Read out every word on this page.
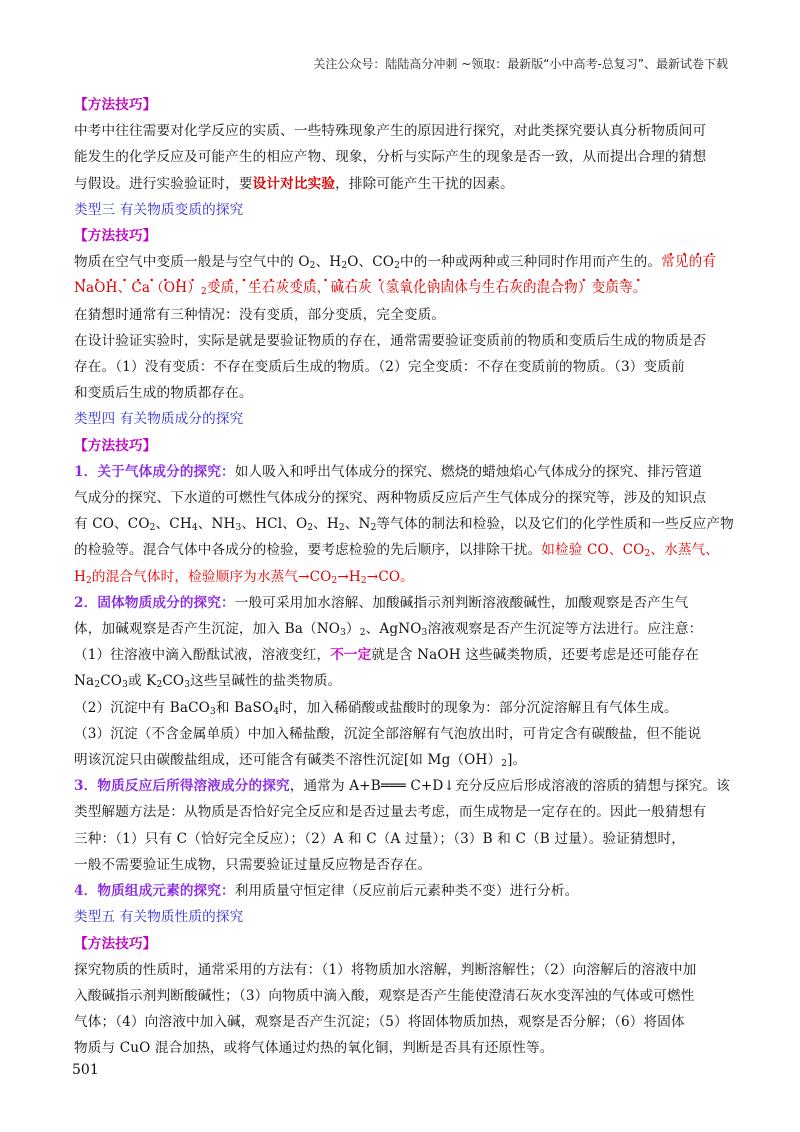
关注公众号：陆陆高分冲刺 ~领取：最新版“小中高考-总复习”、最新试卷下载
【方法技巧】
中考中往往需要对化学反应的实质、一些特殊现象产生的原因进行探究，对此类探究要认真分析物质间可
能发生的化学反应及可能产生的相应产物、现象，分析与实际产生的现象是否一致，从而提出合理的猜想
与假设。进行实验验证时，要设计对比实验，排除可能产生干扰的因素。
类型三 有关物质变质的探究
【方法技巧】
物质在空气中变质一般是与空气中的 $O_2$、$H_2O$、$CO_2$中的一种或两种或三种同时作用而产生的。常见的有
NaOH、$Ca(OH)_2$变质，生石灰变质，碱石灰（氢氧化钠固体与生石灰的混合物）变质等。
在猜想时通常有三种情况：没有变质，部分变质，完全变质。
在设计验证实验时，实际是就是要验证物质的存在，通常需要验证变质前的物质和变质后生成的物质是否
存在。（1）没有变质：不存在变质后生成的物质。（2）完全变质：不存在变质前的物质。（3）变质前
和变质后生成的物质都存在。
类型四 有关物质成分的探究
【方法技巧】
1．关于气体成分的探究：如人吸入和呼出气体成分的探究、燃烧的蜡烛焰心气体成分的探究、排污管道
气成分的探究、下水道的可燃性气体成分的探究、两种物质反应后产生气体成分的探究等，涉及的知识点
有 CO、$CO_2$、$CH_4$、$NH_3$、HCl、$O_2$、$H_2$、$N_2$等气体的制法和检验，以及它们的化学性质和一些反应产物
的检验等。混合气体中各成分的检验，要考虑检验的先后顺序，以排除干扰。如检验 CO、$CO_2$、水蒸气、
$H_2$的混合气体时，检验顺序为水蒸气$\to CO_2\to H_2\to CO$。
2．固体物质成分的探究：一般可采用加水溶解、加酸碱指示剂判断溶液酸碱性，加酸观察是否产生气
体，加碱观察是否产生沉淀，加入 $Ba(NO_3)_2$、AgNO$_3$溶液观察是否产生沉淀等方法进行。应注意：
（1）往溶液中滴入酚酞试液，溶液变红，不一定就是含 NaOH 这些碱类物质，还要考虑是还可能存在
$Na_2CO_3$或 $K_2CO_3$这些呈碱性的盐类物质。
（2）沉淀中有 BaCO$_3$和 BaSO$_4$时，加入稀硝酸或盐酸时的现象为：部分沉淀溶解且有气体生成。
（3）沉淀（不含金属单质）中加入稀盐酸，沉淀全部溶解有气泡放出时，可肯定含有碳酸盐，但不能说
明该沉淀只由碳酸盐组成，还可能含有碱类不溶性沉淀[如 $Mg(OH)_2$]。
3．物质反应后所得溶液成分的探究，通常为 A+B═══ C+D↓充分反应后形成溶液的溶质的猜想与探究。该
类型解题方法是：从物质是否恰好完全反应和是否过量去考虑，而生成物是一定存在的。因此一般猜想有
三种：（1）只有 C（恰好完全反应）；（2）A 和 C（A 过量）；（3）B 和 C（B 过量）。验证猜想时，
一般不需要验证生成物，只需要验证过量反应物是否存在。
4．物质组成元素的探究：利用质量守恒定律（反应前后元素种类不变）进行分析。
类型五 有关物质性质的探究
【方法技巧】
探究物质的性质时，通常采用的方法有：（1）将物质加水溶解，判断溶解性；（2）向溶解后的溶液中加
入酸碱指示剂判断酸碱性；（3）向物质中滴入酸，观察是否产生能使澄清石灰水变浑浊的气体或可燃性
气体；（4）向溶液中加入碱，观察是否产生沉淀；（5）将固体物质加热，观察是否分解；（6）将固体
物质与 CuO 混合加热，或将气体通过灼热的氧化铜，判断是否具有还原性等。
501
